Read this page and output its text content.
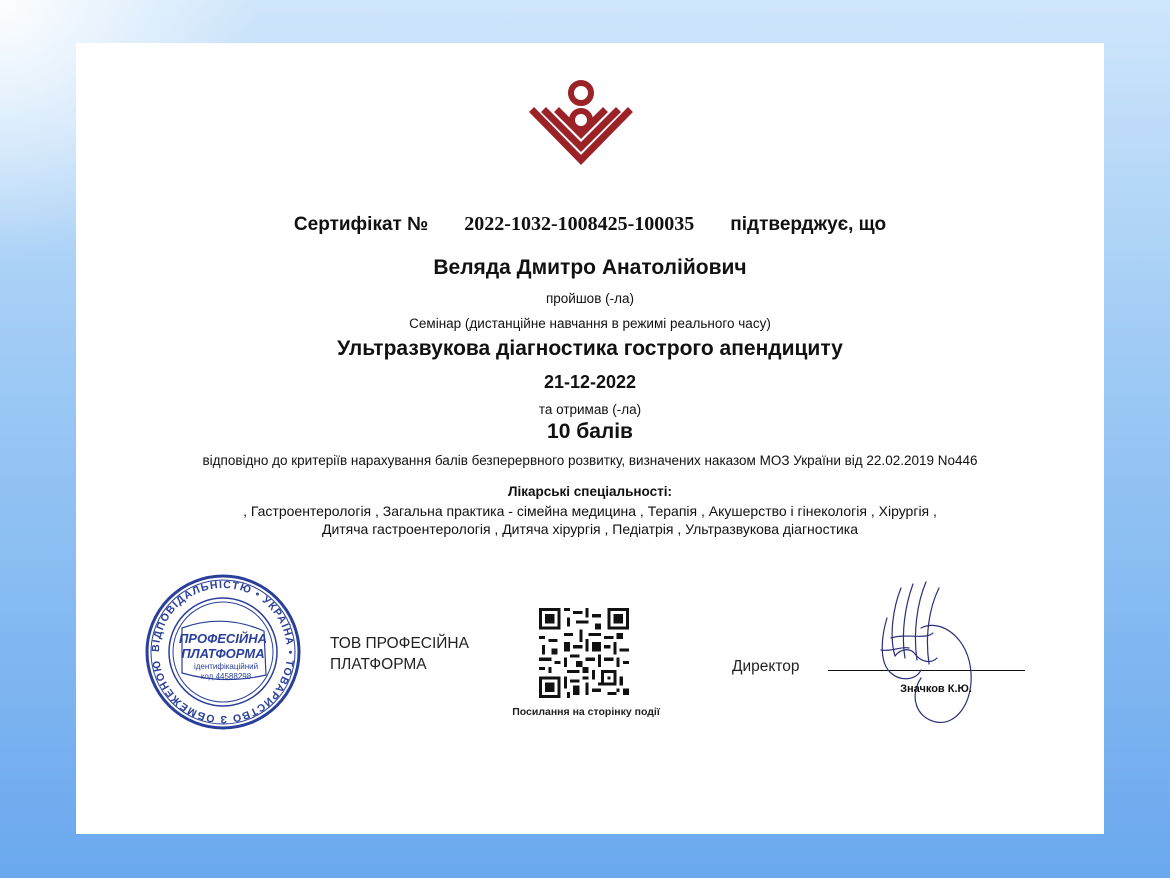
Сертифікат № 2022-1032-1008425-100035 підтверджує, що
Веляда Дмитро Анатолійович
пройшов (-ла)
Семінар (дистанційне навчання в режимі реального часу)
Ультразвукова діагностика гострого апендициту
21-12-2022
та отримав (-ла)
10 балів
відповідно до критеріїв нарахування балів безперервного розвитку, визначених наказом МОЗ України від 22.02.2019 No446
Лікарські спеціальності:
, Гастроентерологія , Загальна практика - сімейна медицина , Терапія , Акушерство і гінекологія , Хірургія , Дитяча гастроентерологія , Дитяча хірургія , Педіатрія , Ультразвукова діагностика
ВІДПОВІДАЛЬНІСТЮ • УКРАЇНА • ТОВАРИСТВО З ОБМЕЖЕНОЮ
ПРОФЕСІЙНА
ПЛАТФОРМА
ідентифікаційний
код 44588298
ТОВ ПРОФЕСІЙНА
ПЛАТФОРМА
Посилання на сторінку події
Директор
Значков К.Ю.
